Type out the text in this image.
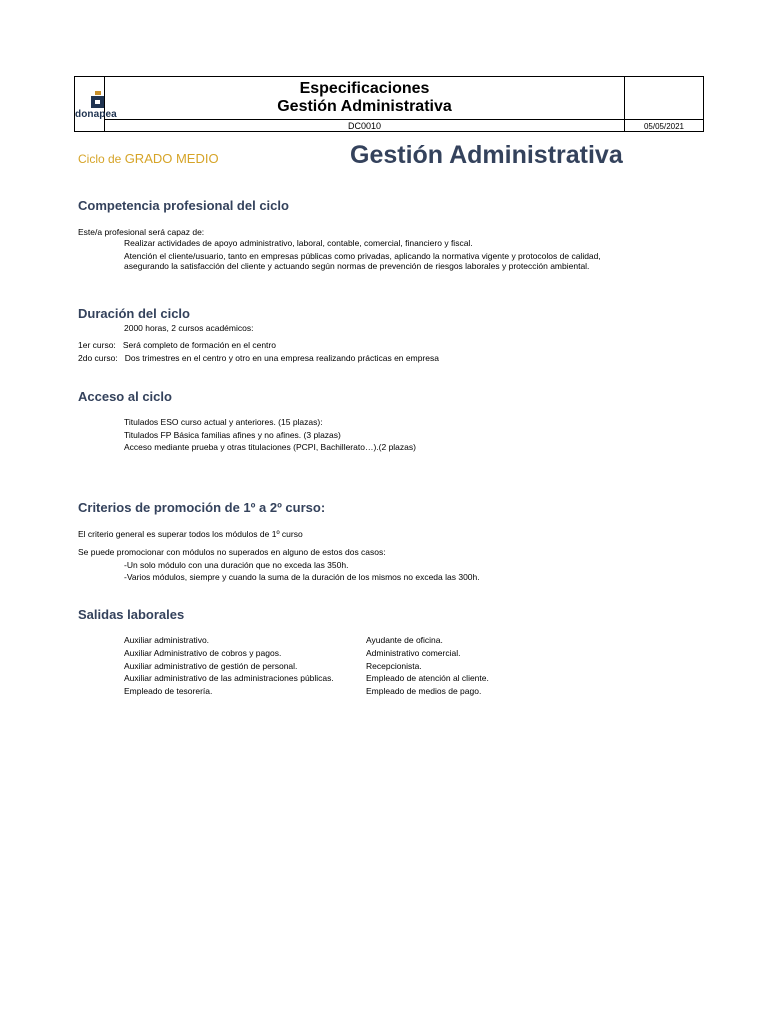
Especificaciones
Gestión Administrativa
DC0010	05/05/2021
donapea
Ciclo de GRADO MEDIO	Gestión Administrativa
Competencia profesional del ciclo
Este/a profesional será capaz de:
Realizar actividades de apoyo administrativo, laboral, contable, comercial, financiero y fiscal.
Atención el cliente/usuario, tanto en empresas públicas como privadas, aplicando la normativa vigente y protocolos de calidad, asegurando la satisfacción del cliente y actuando según normas de prevención de riesgos laborales y protección ambiental.
Duración del ciclo
2000 horas, 2 cursos académicos:
1er curso:   Será completo de formación en el centro
2do curso:   Dos trimestres en el centro y otro en una empresa realizando prácticas en empresa
Acceso al ciclo
Titulados ESO curso actual y anteriores. (15 plazas):
Titulados FP Básica familias afines y no afines. (3 plazas)
Acceso mediante prueba y otras titulaciones (PCPI, Bachillerato…).(2 plazas)
Criterios de promoción de 1º a 2º curso:
El criterio general es superar todos los módulos de 1º curso
Se puede promocionar con módulos no superados en alguno de estos dos casos:
-Un solo módulo con una duración que no exceda las 350h.
-Varios módulos, siempre y cuando la suma de la duración de los mismos no exceda las 300h.
Salidas laborales
Auxiliar administrativo.
Auxiliar Administrativo de cobros y pagos.
Auxiliar administrativo de gestión de personal.
Auxiliar administrativo de las administraciones públicas.
Empleado de tesorería.
Ayudante de oficina.
Administrativo comercial.
Recepcionista.
Empleado de atención al cliente.
Empleado de medios de pago.
